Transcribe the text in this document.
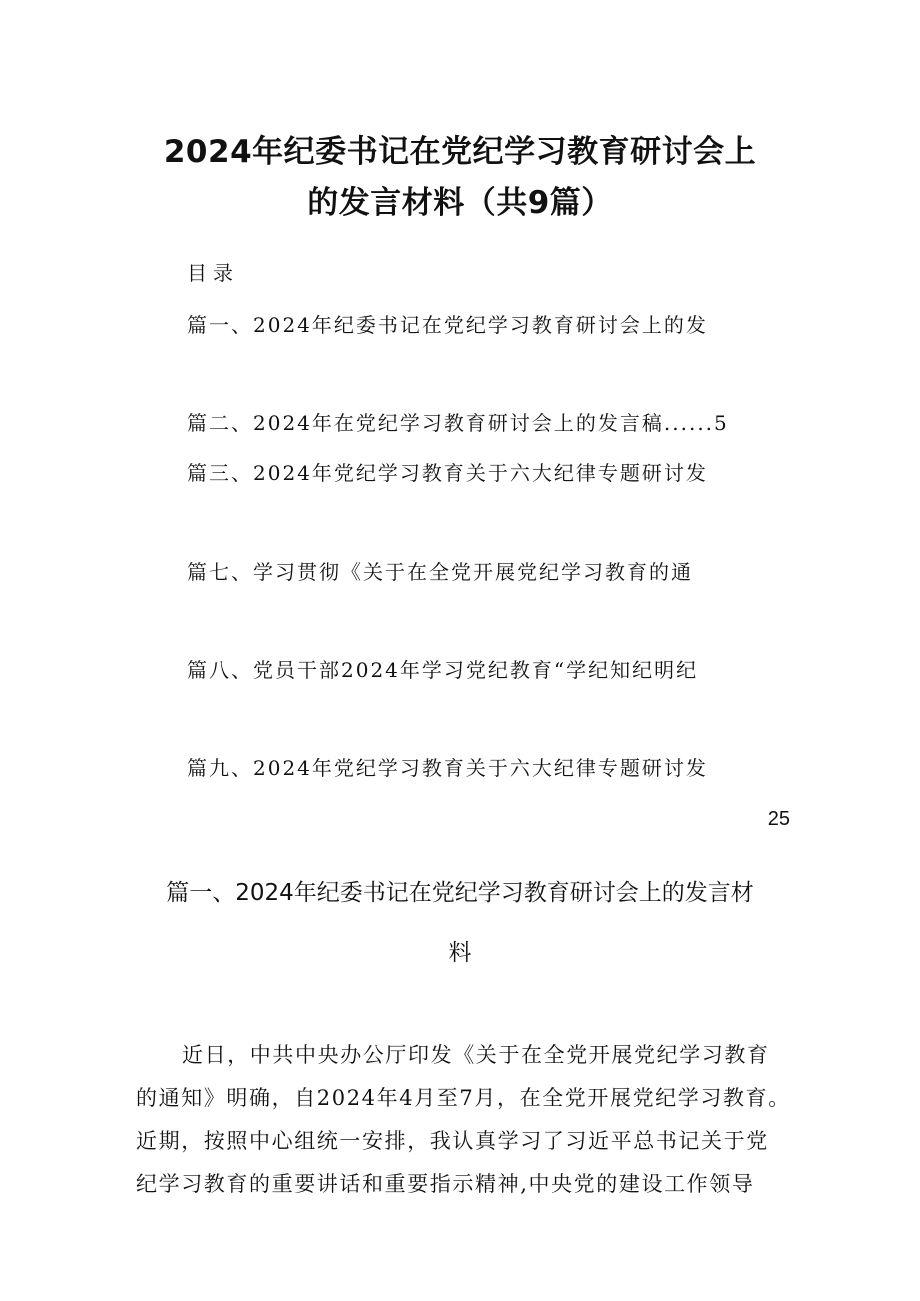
2024年纪委书记在党纪学习教育研讨会上
的发言材料（共9篇）
目录
篇一、2024年纪委书记在党纪学习教育研讨会上的发
篇二、2024年在党纪学习教育研讨会上的发言稿......5
篇三、2024年党纪学习教育关于六大纪律专题研讨发
篇七、学习贯彻《关于在全党开展党纪学习教育的通
篇八、党员干部2024年学习党纪教育“学纪知纪明纪
篇九、2024年党纪学习教育关于六大纪律专题研讨发
25
篇一、2024年纪委书记在党纪学习教育研讨会上的发言材
料
近日，中共中央办公厅印发《关于在全党开展党纪学习教育
的通知》明确，自2024年4月至7月，在全党开展党纪学习教育。
近期，按照中心组统一安排，我认真学习了习近平总书记关于党
纪学习教育的重要讲话和重要指示精神,中央党的建设工作领导
